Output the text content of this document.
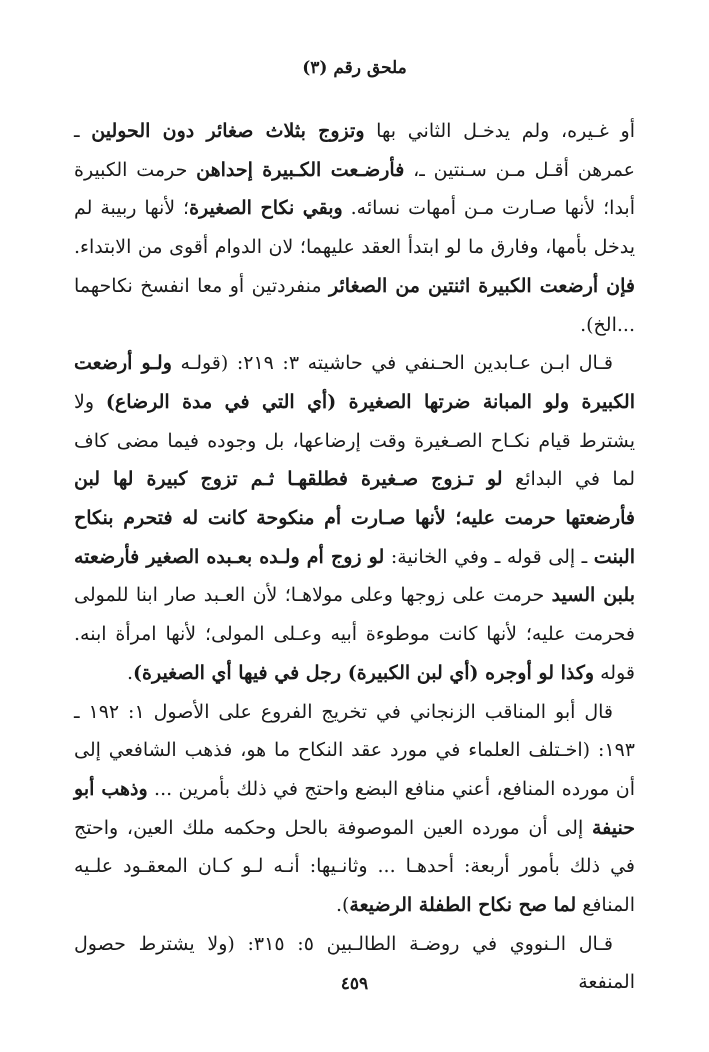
ملحق رقم (٣)

أو غـيره، ولم يدخـل الثاني بها وتزوج بثلاث صغائر دون الحولين ـ عمرهن أقـل مـن سـنتين ـ، فأرضـعت الكـبيرة إحداهن حرمت الكبيرة أبدا؛ لأنها صـارت مـن أمهات نسائه. وبقي نكاح الصغيرة؛ لأنها ربيبة لم يدخل بأمها، وفارق ما لو ابتدأ العقد عليهما؛ لان الدوام أقوى من الابتداء. فإن أرضعت الكبيرة اثنتين من الصغائر منفردتين أو معا انفسخ نكاحهما ...الخ).

قـال ابـن عـابدين الحـنفي في حاشيته ٣: ٢١٩: (قولـه ولـو أرضعت الكبيرة ولو المبانة ضرتها الصغيرة (أي التي في مدة الرضاع) ولا يشترط قيام نكـاح الصـغيرة وقت إرضاعها، بل وجوده فيما مضى كاف لما في البدائع لو تـزوج صـغيرة فطلقهـا ثـم تزوج كبيرة لها لبن فأرضعتها حرمت عليه؛ لأنها صـارت أم منكوحة كانت له فتحرم بنكاح البنت ـ إلى قوله ـ وفي الخانية: لو زوج أم ولـده بعـبده الصغير فأرضعته بلبن السيد حرمت على زوجها وعلى مولاهـا؛ لأن العـبد صار ابنا للمولى فحرمت عليه؛ لأنها كانت موطوءة أبيه وعـلى المولى؛ لأنها امرأة ابنه. قوله وكذا لو أوجره (أي لبن الكبيرة) رجل في فيها أي الصغيرة).

قال أبو المناقب الزنجاني في تخريج الفروع على الأصول ١: ١٩٢ ـ ١٩٣: (اخـتلف العلماء في مورد عقد النكاح ما هو، فذهب الشافعي إلى أن مورده المنافع، أعني منافع البضع واحتج في ذلك بأمرين ... وذهب أبو حنيفة إلى أن مورده العين الموصوفة بالحل وحكمه ملك العين، واحتج في ذلك بأمور أربعة: أحدهـا ... وثانـيها: أنـه لـو كـان المعقـود علـيه المنافع لما صح نكاح الطفلة الرضيعة).

قـال الـنووي في روضـة الطالـبين ٥: ٣١٥: (ولا يشترط حصول المنفعة

٤٥٩
